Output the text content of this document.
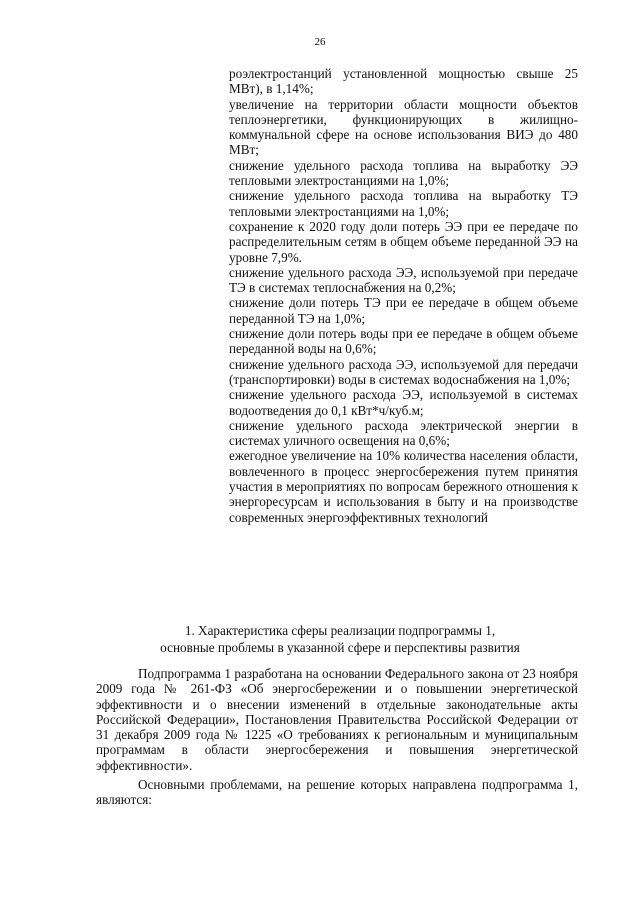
26

роэлектростанций установленной мощностью свыше 25 МВт), в 1,14%;

увеличение на территории области мощности объектов теплоэнергетики, функционирующих в жилищно-коммунальной сфере на основе использования ВИЭ до 480 МВт;

снижение удельного расхода топлива на выработку ЭЭ тепловыми электростанциями на 1,0%;

снижение удельного расхода топлива на выработку ТЭ тепловыми электростанциями на 1,0%;

сохранение к 2020 году доли потерь ЭЭ при ее передаче по распределительным сетям в общем объеме переданной ЭЭ на уровне 7,9%.

снижение удельного расхода ЭЭ, используемой при передаче ТЭ в системах теплоснабжения на 0,2%;

снижение доли потерь ТЭ при ее передаче в общем объеме переданной ТЭ на 1,0%;

снижение доли потерь воды при ее передаче в общем объеме переданной воды на 0,6%;

снижение удельного расхода ЭЭ, используемой для передачи (транспортировки) воды в системах водоснабжения на 1,0%;

снижение удельного расхода ЭЭ, используемой в системах водоотведения до 0,1 кВт*ч/куб.м;

снижение удельного расхода электрической энергии в системах уличного освещения на 0,6%;

ежегодное увеличение на 10% количества населения области, вовлеченного в процесс энергосбережения путем принятия участия в мероприятиях по вопросам бережного отношения к энергоресурсам и использования в быту и на производстве современных энергоэффективных технологий

1. Характеристика сферы реализации подпрограммы 1,
основные проблемы в указанной сфере и перспективы развития

Подпрограмма 1 разработана на основании Федерального закона от 23 ноября 2009 года № 261-ФЗ «Об энергосбережении и о повышении энергетической эффективности и о внесении изменений в отдельные законодательные акты Российской Федерации», Постановления Правительства Российской Федерации от 31 декабря 2009 года № 1225 «О требованиях к региональным и муниципальным программам в области энергосбережения и повышения энергетической эффективности».

Основными проблемами, на решение которых направлена подпрограмма 1, являются:
